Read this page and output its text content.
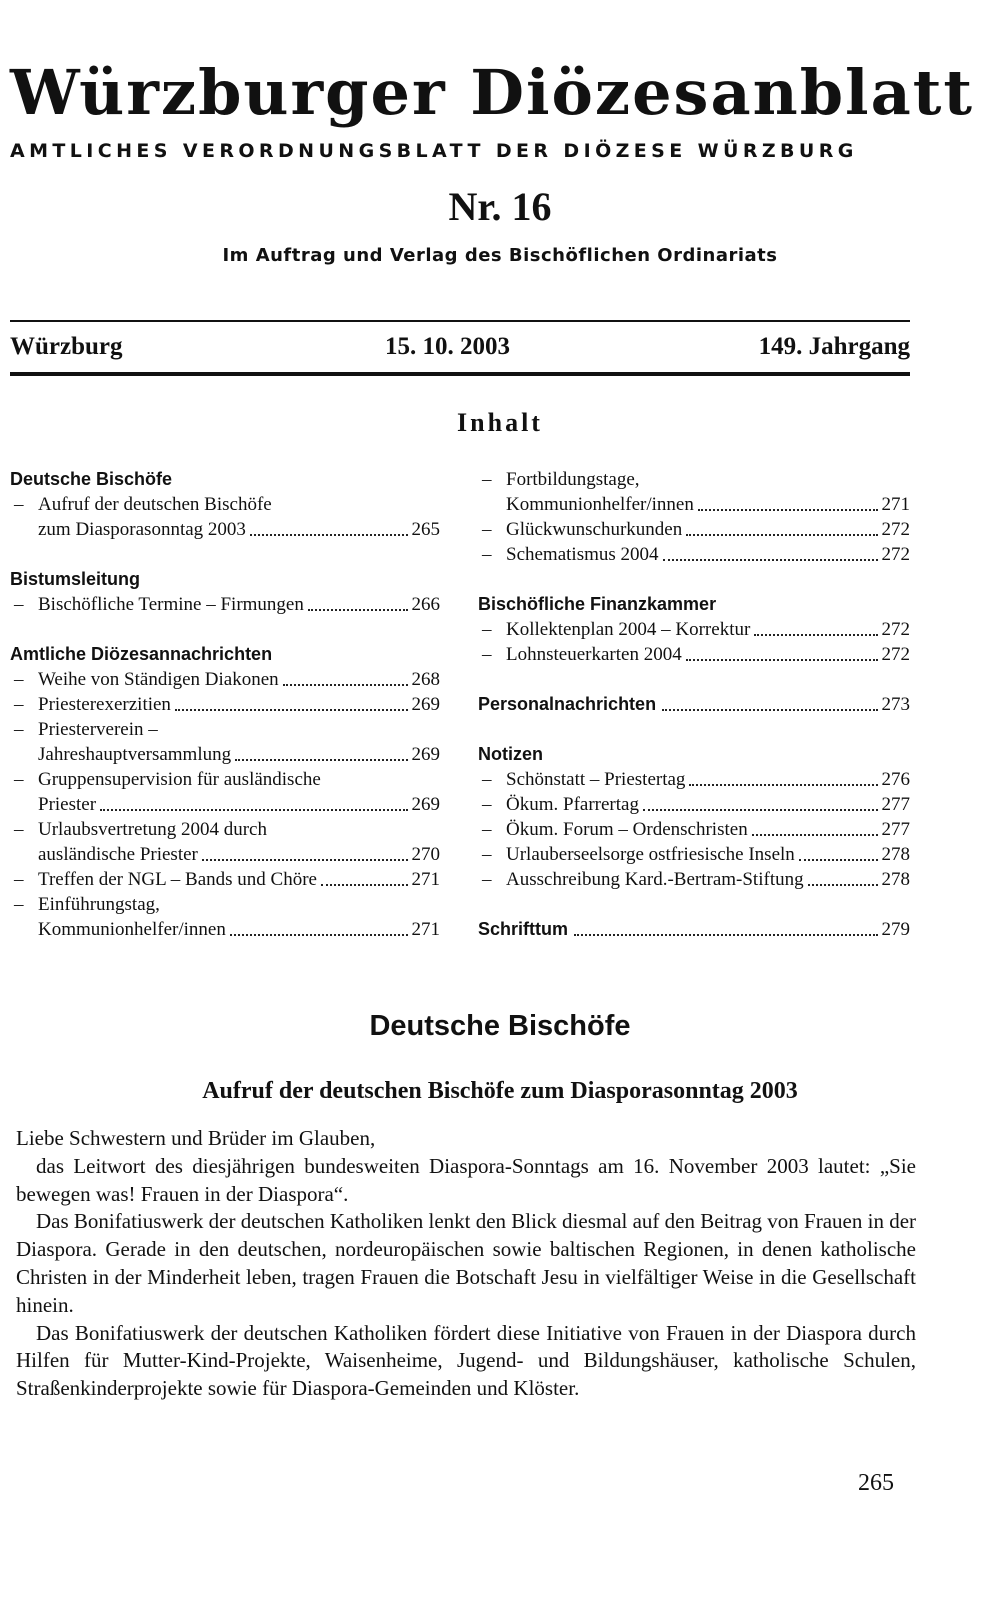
Würzburger Diözesanblatt
AMTLICHES VERORDNUNGSBLATT DER DIÖZESE WÜRZBURG
Nr. 16
Im Auftrag und Verlag des Bischöflichen Ordinariats
Würzburg	15. 10. 2003	149. Jahrgang
Inhalt
Deutsche Bischöfe
– Aufruf der deutschen Bischöfe
zum Diasporasonntag 2003	265
Bistumsleitung
– Bischöfliche Termine – Firmungen	266
Amtliche Diözesannachrichten
– Weihe von Ständigen Diakonen	268
– Priesterexerzitien	269
– Priesterverein –
Jahreshauptversammlung	269
– Gruppensupervision für ausländische
Priester	269
– Urlaubsvertretung 2004 durch
ausländische Priester	270
– Treffen der NGL – Bands und Chöre	271
– Einführungstag,
Kommunionhelfer/innen	271
– Fortbildungstage,
Kommunionhelfer/innen	271
– Glückwunschurkunden	272
– Schematismus 2004	272
Bischöfliche Finanzkammer
– Kollektenplan 2004 – Korrektur	272
– Lohnsteuerkarten 2004	272
Personalnachrichten	273
Notizen
– Schönstatt – Priestertag	276
– Ökum. Pfarrertag	277
– Ökum. Forum – Ordenschristen	277
– Urlauberseelsorge ostfriesische Inseln	278
– Ausschreibung Kard.-Bertram-Stiftung	278
Schrifttum	279
Deutsche Bischöfe
Aufruf der deutschen Bischöfe zum Diasporasonntag 2003

Liebe Schwestern und Brüder im Glauben,

das Leitwort des diesjährigen bundesweiten Diaspora-Sonntags am 16. November 2003 lautet: „Sie bewegen was! Frauen in der Diaspora“.

Das Bonifatiuswerk der deutschen Katholiken lenkt den Blick diesmal auf den Beitrag von Frauen in der Diaspora. Gerade in den deutschen, nordeuropäischen sowie baltischen Regionen, in denen katholische Christen in der Minderheit leben, tragen Frauen die Botschaft Jesu in vielfältiger Weise in die Gesellschaft hinein.

Das Bonifatiuswerk der deutschen Katholiken fördert diese Initiative von Frauen in der Diaspora durch Hilfen für Mutter-Kind-Projekte, Waisenheime, Jugend- und Bildungshäuser, katholische Schulen, Straßenkinderprojekte sowie für Diaspora-Gemeinden und Klöster.

265
